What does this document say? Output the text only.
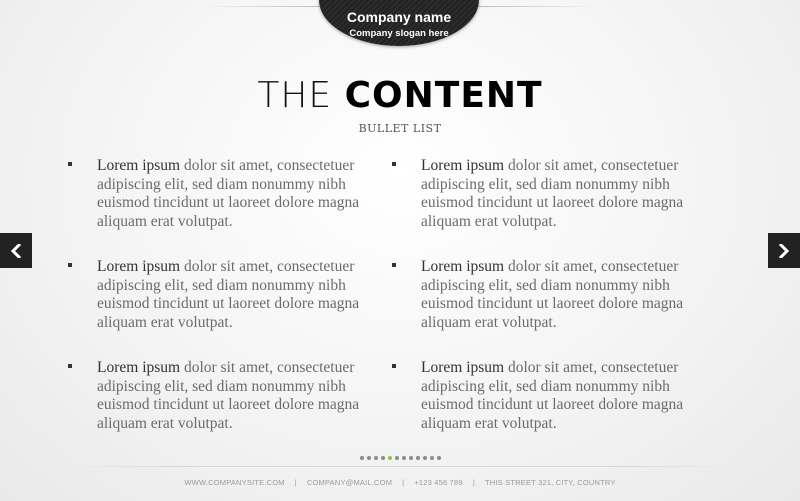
Company name
Company slogan here
THE CONTENT
BULLET LIST
Lorem ipsum dolor sit amet, consectetuer adipiscing elit, sed diam nonummy nibh euismod tincidunt ut laoreet dolore magna aliquam erat volutpat.
Lorem ipsum dolor sit amet, consectetuer adipiscing elit, sed diam nonummy nibh euismod tincidunt ut laoreet dolore magna aliquam erat volutpat.
Lorem ipsum dolor sit amet, consectetuer adipiscing elit, sed diam nonummy nibh euismod tincidunt ut laoreet dolore magna aliquam erat volutpat.
Lorem ipsum dolor sit amet, consectetuer adipiscing elit, sed diam nonummy nibh euismod tincidunt ut laoreet dolore magna aliquam erat volutpat.
Lorem ipsum dolor sit amet, consectetuer adipiscing elit, sed diam nonummy nibh euismod tincidunt ut laoreet dolore magna aliquam erat volutpat.
Lorem ipsum dolor sit amet, consectetuer adipiscing elit, sed diam nonummy nibh euismod tincidunt ut laoreet dolore magna aliquam erat volutpat.
WWW.COMPANYSITE.COM | COMPANY@MAIL.COM | +123 456 789 | THIS STREET 321, CITY, COUNTRY
